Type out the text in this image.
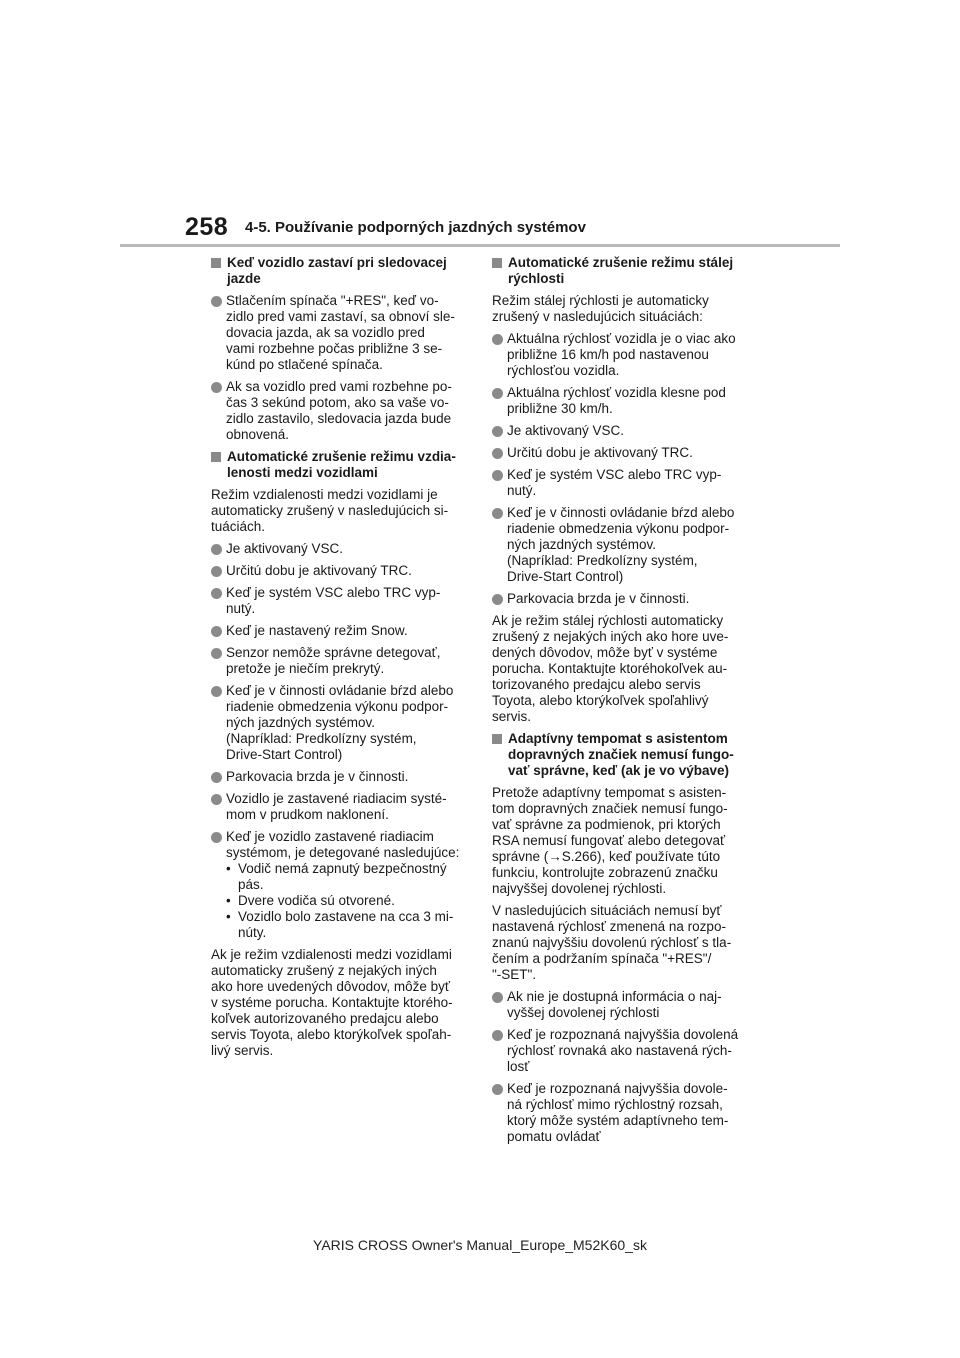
258 4-5. Používanie podporných jazdných systémov
Keď vozidlo zastaví pri sledovacej
jazde
Stlačením spínača "+RES", keď vo-
zidlo pred vami zastaví, sa obnoví sle-
dovacia jazda, ak sa vozidlo pred
vami rozbehne počas približne 3 se-
kúnd po stlačené spínača.
Ak sa vozidlo pred vami rozbehne po-
čas 3 sekúnd potom, ako sa vaše vo-
zidlo zastavilo, sledovacia jazda bude
obnovená.
Automatické zrušenie režimu vzdia-
lenosti medzi vozidlami
Režim vzdialenosti medzi vozidlami je
automaticky zrušený v nasledujúcich si-
tuáciách.
Je aktivovaný VSC.
Určitú dobu je aktivovaný TRC.
Keď je systém VSC alebo TRC vyp-
nutý.
Keď je nastavený režim Snow.
Senzor nemôže správne detegovať,
pretože je niečím prekrytý.
Keď je v činnosti ovládanie bŕzd alebo
riadenie obmedzenia výkonu podpor-
ných jazdných systémov.
(Napríklad: Predkolízny systém,
Drive-Start Control)
Parkovacia brzda je v činnosti.
Vozidlo je zastavené riadiacim systé-
mom v prudkom naklonení.
Keď je vozidlo zastavené riadiacim
systémom, je detegované nasledujúce:
• Vodič nemá zapnutý bezpečnostný
pás.
• Dvere vodiča sú otvorené.
• Vozidlo bolo zastavene na cca 3 mi-
núty.
Ak je režim vzdialenosti medzi vozidlami
automaticky zrušený z nejakých iných
ako hore uvedených dôvodov, môže byť
v systéme porucha. Kontaktujte ktorého-
koľvek autorizovaného predajcu alebo
servis Toyota, alebo ktorýkoľvek spoľah-
livý servis.
Automatické zrušenie režimu stálej
rýchlosti
Režim stálej rýchlosti je automaticky
zrušený v nasledujúcich situáciách:
Aktuálna rýchlosť vozidla je o viac ako
približne 16 km/h pod nastavenou
rýchlosťou vozidla.
Aktuálna rýchlosť vozidla klesne pod
približne 30 km/h.
Je aktivovaný VSC.
Určitú dobu je aktivovaný TRC.
Keď je systém VSC alebo TRC vyp-
nutý.
Keď je v činnosti ovládanie bŕzd alebo
riadenie obmedzenia výkonu podpor-
ných jazdných systémov.
(Napríklad: Predkolízny systém,
Drive-Start Control)
Parkovacia brzda je v činnosti.
Ak je režim stálej rýchlosti automaticky
zrušený z nejakých iných ako hore uve-
dených dôvodov, môže byť v systéme
porucha. Kontaktujte ktoréhokoľvek au-
torizovaného predajcu alebo servis
Toyota, alebo ktorýkoľvek spoľahlivý
servis.
Adaptívny tempomat s asistentom
dopravných značiek nemusí fungo-
vať správne, keď (ak je vo výbave)
Pretože adaptívny tempomat s asisten-
tom dopravných značiek nemusí fungo-
vať správne za podmienok, pri ktorých
RSA nemusí fungovať alebo detegovať
správne (→S.266), keď používate túto
funkciu, kontrolujte zobrazenú značku
najvyššej dovolenej rýchlosti.
V nasledujúcich situáciách nemusí byť
nastavená rýchlosť zmenená na rozpo-
znanú najvyššiu dovolenú rýchlosť s tla-
čením a podržaním spínača "+RES"/
"-SET".
Ak nie je dostupná informácia o naj-
vyššej dovolenej rýchlosti
Keď je rozpoznaná najvyššia dovolená
rýchlosť rovnaká ako nastavená rých-
losť
Keď je rozpoznaná najvyššia dovole-
ná rýchlosť mimo rýchlostný rozsah,
ktorý môže systém adaptívneho tem-
pomatu ovládať
YARIS CROSS Owner's Manual_Europe_M52K60_sk
